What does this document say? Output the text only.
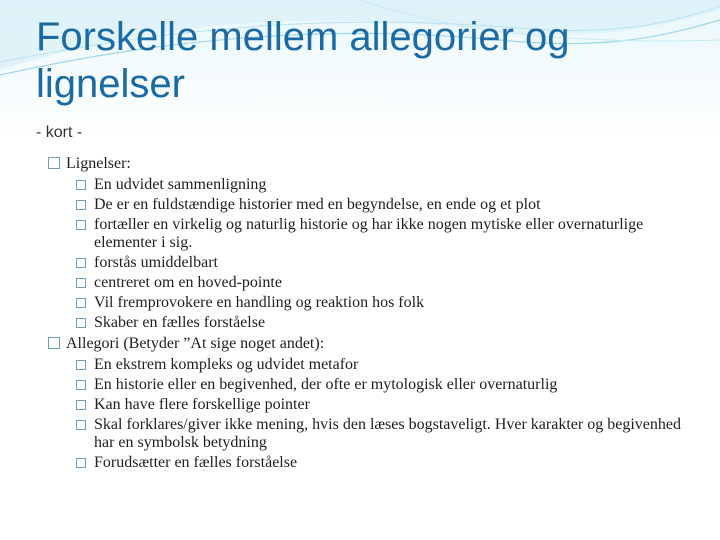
Forskelle mellem allegorier og lignelser
- kort -
Lignelser:
En udvidet sammenligning
De er en fuldstændige historier med en begyndelse, en ende og et plot
fortæller en virkelig og naturlig historie og har ikke nogen mytiske eller overnaturlige elementer i sig.
forstås umiddelbart
centreret om en hoved-pointe
Vil fremprovokere en handling og reaktion hos folk
Skaber en fælles forståelse
Allegori (Betyder ”At sige noget andet):
En ekstrem kompleks og udvidet metafor
En historie eller en begivenhed, der ofte er mytologisk eller overnaturlig
Kan have flere forskellige pointer
Skal forklares/giver ikke mening, hvis den læses bogstaveligt. Hver karakter og begivenhed har en symbolsk betydning
Forudsætter en fælles forståelse
